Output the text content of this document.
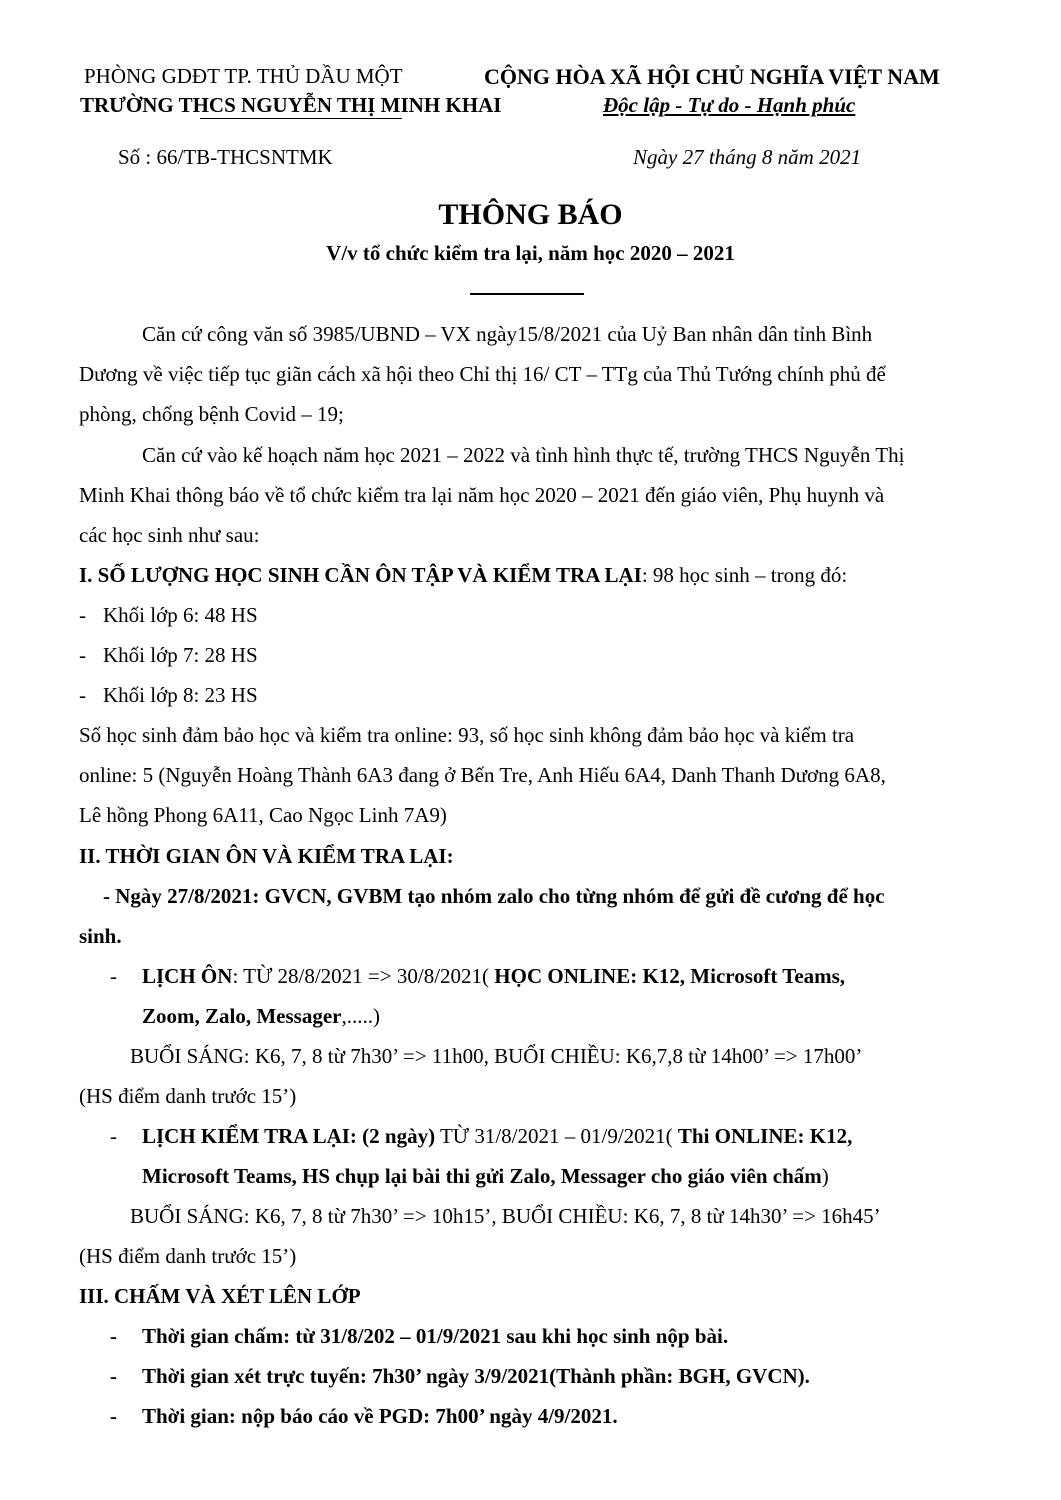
PHÒNG GDĐT TP. THỦ DẦU MỘT
TRƯỜNG THCS NGUYỄN THỊ MINH KHAI
CỘNG HÒA XÃ HỘI CHỦ NGHĨA VIỆT NAM
Độc lập - Tự do - Hạnh phúc
Số : 66/TB-THCSNTMK	Ngày 27 tháng 8 năm 2021
THÔNG BÁO
V/v tổ chức kiểm tra lại, năm học 2020 – 2021
Căn cứ công văn số 3985/UBND – VX ngày15/8/2021 của Uỷ Ban nhân dân tỉnh Bình
Dương về việc tiếp tục giãn cách xã hội theo Chỉ thị 16/ CT – TTg của Thủ Tướng chính phủ để
phòng, chống bệnh Covid – 19;
Căn cứ vào kế hoạch năm học 2021 – 2022 và tình hình thực tế, trường THCS Nguyễn Thị
Minh Khai thông báo về tổ chức kiểm tra lại năm học 2020 – 2021 đến giáo viên, Phụ huynh và
các học sinh như sau:
I. SỐ LƯỢNG HỌC SINH CẦN ÔN TẬP VÀ KIỂM TRA LẠI: 98 học sinh – trong đó:
- Khối lớp 6: 48 HS
- Khối lớp 7: 28 HS
- Khối lớp 8: 23 HS
Số học sinh đảm bảo học và kiểm tra online: 93, số học sinh không đảm bảo học và kiểm tra
online: 5 (Nguyễn Hoàng Thành 6A3 đang ở Bến Tre, Anh Hiếu 6A4, Danh Thanh Dương 6A8,
Lê hồng Phong 6A11, Cao Ngọc Linh 7A9)
II. THỜI GIAN ÔN VÀ KIỂM TRA LẠI:
- Ngày 27/8/2021: GVCN, GVBM tạo nhóm zalo cho từng nhóm để gửi đề cương để học
sinh.
- LỊCH ÔN: TỪ 28/8/2021 => 30/8/2021( HỌC ONLINE: K12, Microsoft Teams,
Zoom, Zalo, Messager,.....)
BUỔI SÁNG: K6, 7, 8 từ 7h30’ => 11h00, BUỔI CHIỀU: K6,7,8 từ 14h00’ => 17h00’
(HS điểm danh trước 15’)
- LỊCH KIỂM TRA LẠI: (2 ngày) TỪ 31/8/2021 – 01/9/2021( Thi ONLINE: K12,
Microsoft Teams, HS chụp lại bài thi gửi Zalo, Messager cho giáo viên chấm)
BUỔI SÁNG: K6, 7, 8 từ 7h30’ => 10h15’, BUỔI CHIỀU: K6, 7, 8 từ 14h30’ => 16h45’
(HS điểm danh trước 15’)
III. CHẤM VÀ XÉT LÊN LỚP
- Thời gian chấm: từ 31/8/202 – 01/9/2021 sau khi học sinh nộp bài.
- Thời gian xét trực tuyến: 7h30’ ngày 3/9/2021(Thành phần: BGH, GVCN).
- Thời gian: nộp báo cáo về PGD: 7h00’ ngày 4/9/2021.
